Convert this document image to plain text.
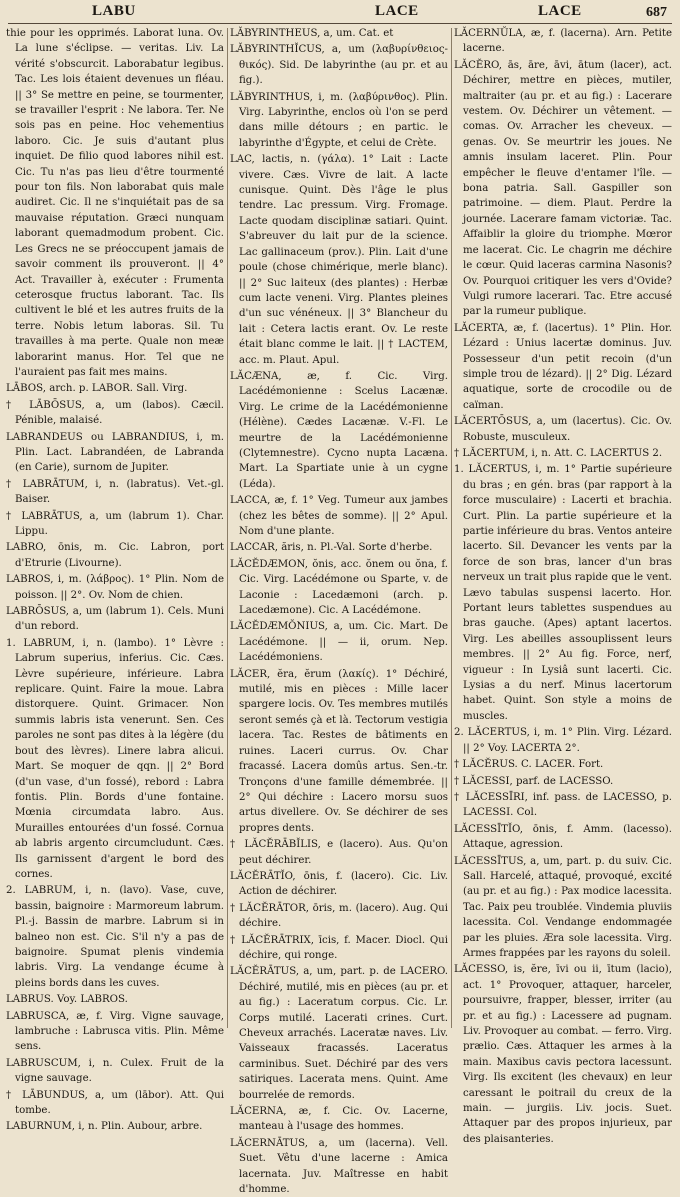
LABU	LACE	LACE	687

thie pour les opprimés. Laborat luna. Ov. La lune s'éclipse. — veritas. Liv. La vérité s'obscurcit. Laborabatur legibus. Tac. Les lois étaient devenues un fléau. || 3° Se mettre en peine, se tourmenter, se travailler l'esprit : Ne labora. Ter. Ne sois pas en peine. Hoc vehementius laboro. Cic. Je suis d'autant plus inquiet. De filio quod labores nihil est. Cic. Tu n'as pas lieu d'être tourmenté pour ton fils. Non laborabat quis male audiret. Cic. Il ne s'inquiétait pas de sa mauvaise réputation. Græci nunquam laborant quemadmodum probent. Cic. Les Grecs ne se préoccupent jamais de savoir comment ils prouveront. || 4° Act. Travailler à, exécuter : Frumenta ceterosque fructus laborant. Tac. Ils cultivent le blé et les autres fruits de la terre. Nobis letum laboras. Sil. Tu travailles à ma perte. Quale non meæ laborarint manus. Hor. Tel que ne l'auraient pas fait mes mains.

LĀBOS, arch. p. LABOR. Sall. Virg.

† LĀBŌSUS, a, um (labos). Cæcil. Pénible, malaisé.

LABRANDEUS ou LABRANDIUS, i, m. Plin. Lact. Labrandéen, de Labranda (en Carie), surnom de Jupiter.

† LABRĀTUM, i, n. (labratus). Vet.-gl. Baiser.

† LABRĀTUS, a, um (labrum 1). Char. Lippu.

LABRO, ōnis, m. Cic. Labron, port d'Etrurie (Livourne).

LABROS, i, m. (λάβρος). 1° Plin. Nom de poisson. || 2°. Ov. Nom de chien.

LABRŌSUS, a, um (labrum 1). Cels. Muni d'un rebord.

1. LABRUM, i, n. (lambo). 1° Lèvre : Labrum superius, inferius. Cic. Cæs. Lèvre supérieure, inférieure. Labra replicare. Quint. Faire la moue. Labra distorquere. Quint. Grimacer. Non summis labris ista venerunt. Sen. Ces paroles ne sont pas dites à la légère (du bout des lèvres). Linere labra alicui. Mart. Se moquer de qqn. || 2° Bord (d'un vase, d'un fossé), rebord : Labra fontis. Plin. Bords d'une fontaine. Mœnia circumdata labro. Aus. Murailles entourées d'un fossé. Cornua ab labris argento circumcludunt. Cæs. Ils garnissent d'argent le bord des cornes.

2. LABRUM, i, n. (lavo). Vase, cuve, bassin, baignoire : Marmoreum labrum. Pl.-j. Bassin de marbre. Labrum si in balneo non est. Cic. S'il n'y a pas de baignoire. Spumat plenis vindemia labris. Virg. La vendange écume à pleins bords dans les cuves.

LABRUS. Voy. LABROS.

LABRUSCA, æ, f. Virg. Vigne sauvage, lambruche : Labrusca vitis. Plin. Même sens.

LABRUSCUM, i, n. Culex. Fruit de la vigne sauvage.

† LĀBUNDUS, a, um (lābor). Att. Qui tombe.

LABURNUM, i, n. Plin. Aubour, arbre.

LĂBYRINTHEUS, a, um. Cat. et

LĂBYRINTHĬCUS, a, um (λαβυρίνθειος-θικός). Sid. De labyrinthe (au pr. et au fig.).

LĂBYRINTHUS, i, m. (λαβύρινθος). Plin. Virg. Labyrinthe, enclos où l'on se perd dans mille détours ; en partic. le labyrinthe d'Égypte, et celui de Crète.

LAC, lactis, n. (γάλα). 1° Lait : Lacte vivere. Cæs. Vivre de lait. A lacte cunisque. Quint. Dès l'âge le plus tendre. Lac pressum. Virg. Fromage. Lacte quodam disciplinæ satiari. Quint. S'abreuver du lait pur de la science. Lac gallinaceum (prov.). Plin. Lait d'une poule (chose chimérique, merle blanc). || 2° Suc laiteux (des plantes) : Herbæ cum lacte veneni. Virg. Plantes pleines d'un suc vénéneux. || 3° Blancheur du lait : Cetera lactis erant. Ov. Le reste était blanc comme le lait. || † LACTEM, acc. m. Plaut. Apul.

LĂCÆNA, æ, f. Cic. Virg. Lacédémonienne : Scelus Lacænæ. Virg. Le crime de la Lacédémonienne (Hélène). Cædes Lacænæ. V.-Fl. Le meurtre de la Lacédémonienne (Clytemnestre). Cycno nupta Lacæna. Mart. La Spartiate unie à un cygne (Léda).

LACCA, æ, f. 1° Veg. Tumeur aux jambes (chez les bêtes de somme). || 2° Apul. Nom d'une plante.

LACCAR, ăris, n. Pl.-Val. Sorte d'herbe.

LĂCĔDÆMON, ŏnis, acc. ŏnem ou ŏna, f. Cic. Virg. Lacédémone ou Sparte, v. de Laconie : Lacedæmoni (arch. p. Lacedæmone). Cic. A Lacédémone.

LĂCĔDÆMŎNIUS, a, um. Cic. Mart. De Lacédémone. || — ii, orum. Nep. Lacédémoniens.

LĂCER, ĕra, ĕrum (λακίς). 1° Déchiré, mutilé, mis en pièces : Mille lacer spargere locis. Ov. Tes membres mutilés seront semés çà et là. Tectorum vestigia lacera. Tac. Restes de bâtiments en ruines. Laceri currus. Ov. Char fracassé. Lacera domûs artus. Sen.-tr. Tronçons d'une famille démembrée. || 2° Qui déchire : Lacero morsu suos artus divellere. Ov. Se déchirer de ses propres dents.

† LĂCĔRĀBĬLIS, e (lacero). Aus. Qu'on peut déchirer.

LĂCĔRĀTĬO, ōnis, f. (lacero). Cic. Liv. Action de déchirer.

† LĂCĔRĀTOR, ōris, m. (lacero). Aug. Qui déchire.

† LĂCĔRĀTRIX, īcis, f. Macer. Diocl. Qui déchire, qui ronge.

LĂCĔRĀTUS, a, um, part. p. de LACERO. Déchiré, mutilé, mis en pièces (au pr. et au fig.) : Laceratum corpus. Cic. Lr. Corps mutilé. Lacerati crines. Curt. Cheveux arrachés. Laceratæ naves. Liv. Vaisseaux fracassés. Laceratus carminibus. Suet. Déchiré par des vers satiriques. Lacerata mens. Quint. Ame bourrelée de remords.

LĂCERNA, æ, f. Cic. Ov. Lacerne, manteau à l'usage des hommes.

LĂCERNĀTUS, a, um (lacerna). Vell. Suet. Vêtu d'une lacerne : Amica lacernata. Juv. Maîtresse en habit d'homme.

LĂCERNŬLA, æ, f. (lacerna). Arn. Petite lacerne.

LĂCĔRO, ās, āre, āvi, ātum (lacer), act. Déchirer, mettre en pièces, mutiler, maltraiter (au pr. et au fig.) : Lacerare vestem. Ov. Déchirer un vêtement. — comas. Ov. Arracher les cheveux. — genas. Ov. Se meurtrir les joues. Ne amnis insulam laceret. Plin. Pour empêcher le fleuve d'entamer l'île. — bona patria. Sall. Gaspiller son patrimoine. — diem. Plaut. Perdre la journée. Lacerare famam victoriæ. Tac. Affaiblir la gloire du triomphe. Mœror me lacerat. Cic. Le chagrin me déchire le cœur. Quid laceras carmina Nasonis? Ov. Pourquoi critiquer les vers d'Ovide? Vulgi rumore lacerari. Tac. Etre accusé par la rumeur publique.

LĂCERTA, æ, f. (lacertus). 1° Plin. Hor. Lézard : Unius lacertæ dominus. Juv. Possesseur d'un petit recoin (d'un simple trou de lézard). || 2° Dig. Lézard aquatique, sorte de crocodile ou de caïman.

LĂCERTŌSUS, a, um (lacertus). Cic. Ov. Robuste, musculeux.

† LĂCERTUM, i, n. Att. C. LACERTUS 2.

1. LĂCERTUS, i, m. 1° Partie supérieure du bras ; en gén. bras (par rapport à la force musculaire) : Lacerti et brachia. Curt. Plin. La partie supérieure et la partie inférieure du bras. Ventos anteire lacerto. Sil. Devancer les vents par la force de son bras, lancer d'un bras nerveux un trait plus rapide que le vent. Lævo tabulas suspensi lacerto. Hor. Portant leurs tablettes suspendues au bras gauche. (Apes) aptant lacertos. Virg. Les abeilles assouplissent leurs membres. || 2° Au fig. Force, nerf, vigueur : In Lysiâ sunt lacerti. Cic. Lysias a du nerf. Minus lacertorum habet. Quint. Son style a moins de muscles.

2. LĂCERTUS, i, m. 1° Plin. Virg. Lézard. || 2° Voy. LACERTA 2°.

† LĂCĔRUS. C. LACER. Fort.

† LĂCESSI, parf. de LACESSO.

† LĂCESSĪRI, inf. pass. de LACESSO, p. LACESSI. Col.

LĂCESSĪTĬO, ōnis, f. Amm. (lacesso). Attaque, agression.

LĂCESSĪTUS, a, um, part. p. du suiv. Cic. Sall. Harcelé, attaqué, provoqué, excité (au pr. et au fig.) : Pax modice lacessita. Tac. Paix peu troublée. Vindemia pluviis lacessita. Col. Vendange endommagée par les pluies. Æra sole lacessita. Virg. Armes frappées par les rayons du soleil.

LĂCESSO, is, ĕre, īvi ou ii, ītum (lacio), act. 1° Provoquer, attaquer, harceler, poursuivre, frapper, blesser, irriter (au pr. et au fig.) : Lacessere ad pugnam. Liv. Provoquer au combat. — ferro. Virg. prælio. Cæs. Attaquer les armes à la main. Maxibus cavis pectora lacessunt. Virg. Ils excitent (les chevaux) en leur caressant le poitrail du creux de la main. — jurgiis. Liv. jocis. Suet. Attaquer par des propos injurieux, par des plaisanteries.
